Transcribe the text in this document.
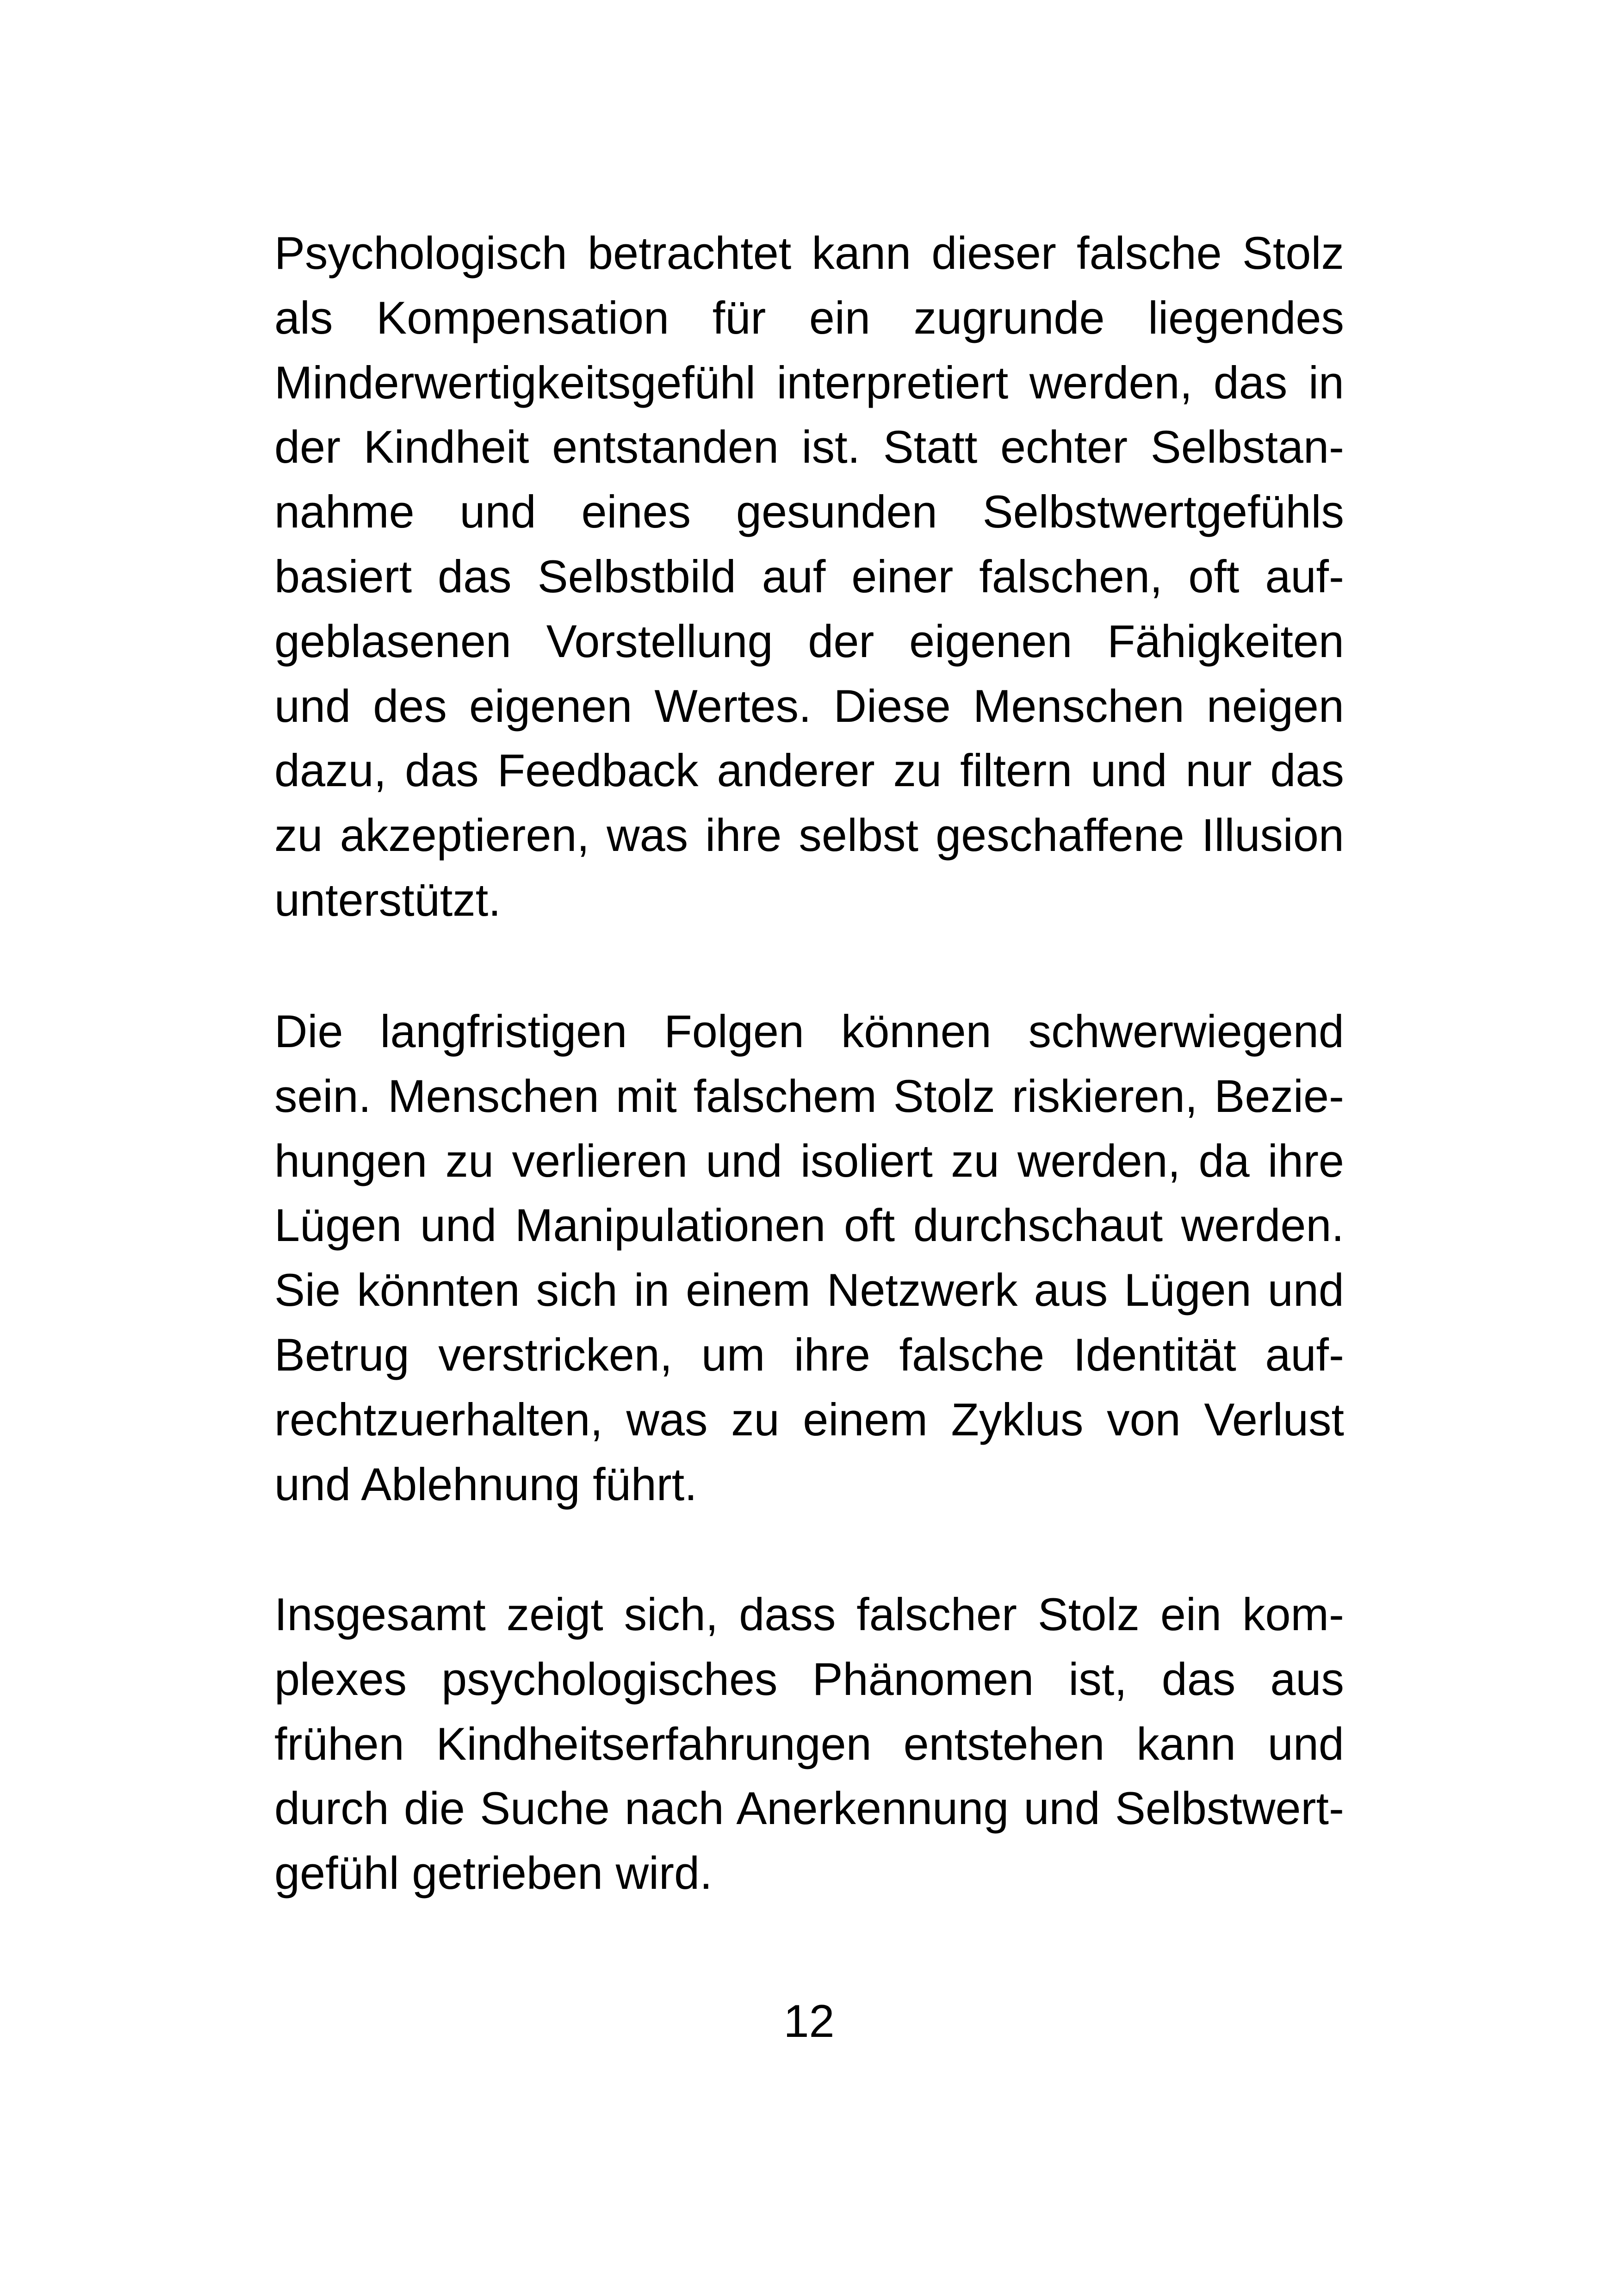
Psychologisch betrachtet kann dieser falsche Stolz
als Kompensation für ein zugrunde liegendes
Minderwertigkeitsgefühl interpretiert werden, das in
der Kindheit entstanden ist. Statt echter Selbstan-
nahme und eines gesunden Selbstwertgefühls
basiert das Selbstbild auf einer falschen, oft auf-
geblasenen Vorstellung der eigenen Fähigkeiten
und des eigenen Wertes. Diese Menschen neigen
dazu, das Feedback anderer zu filtern und nur das
zu akzeptieren, was ihre selbst geschaffene Illusion
unterstützt.
Die langfristigen Folgen können schwerwiegend
sein. Menschen mit falschem Stolz riskieren, Bezie-
hungen zu verlieren und isoliert zu werden, da ihre
Lügen und Manipulationen oft durchschaut werden.
Sie könnten sich in einem Netzwerk aus Lügen und
Betrug verstricken, um ihre falsche Identität auf-
rechtzuerhalten, was zu einem Zyklus von Verlust
und Ablehnung führt.
Insgesamt zeigt sich, dass falscher Stolz ein kom-
plexes psychologisches Phänomen ist, das aus
frühen Kindheitserfahrungen entstehen kann und
durch die Suche nach Anerkennung und Selbstwert-
gefühl getrieben wird.
12
